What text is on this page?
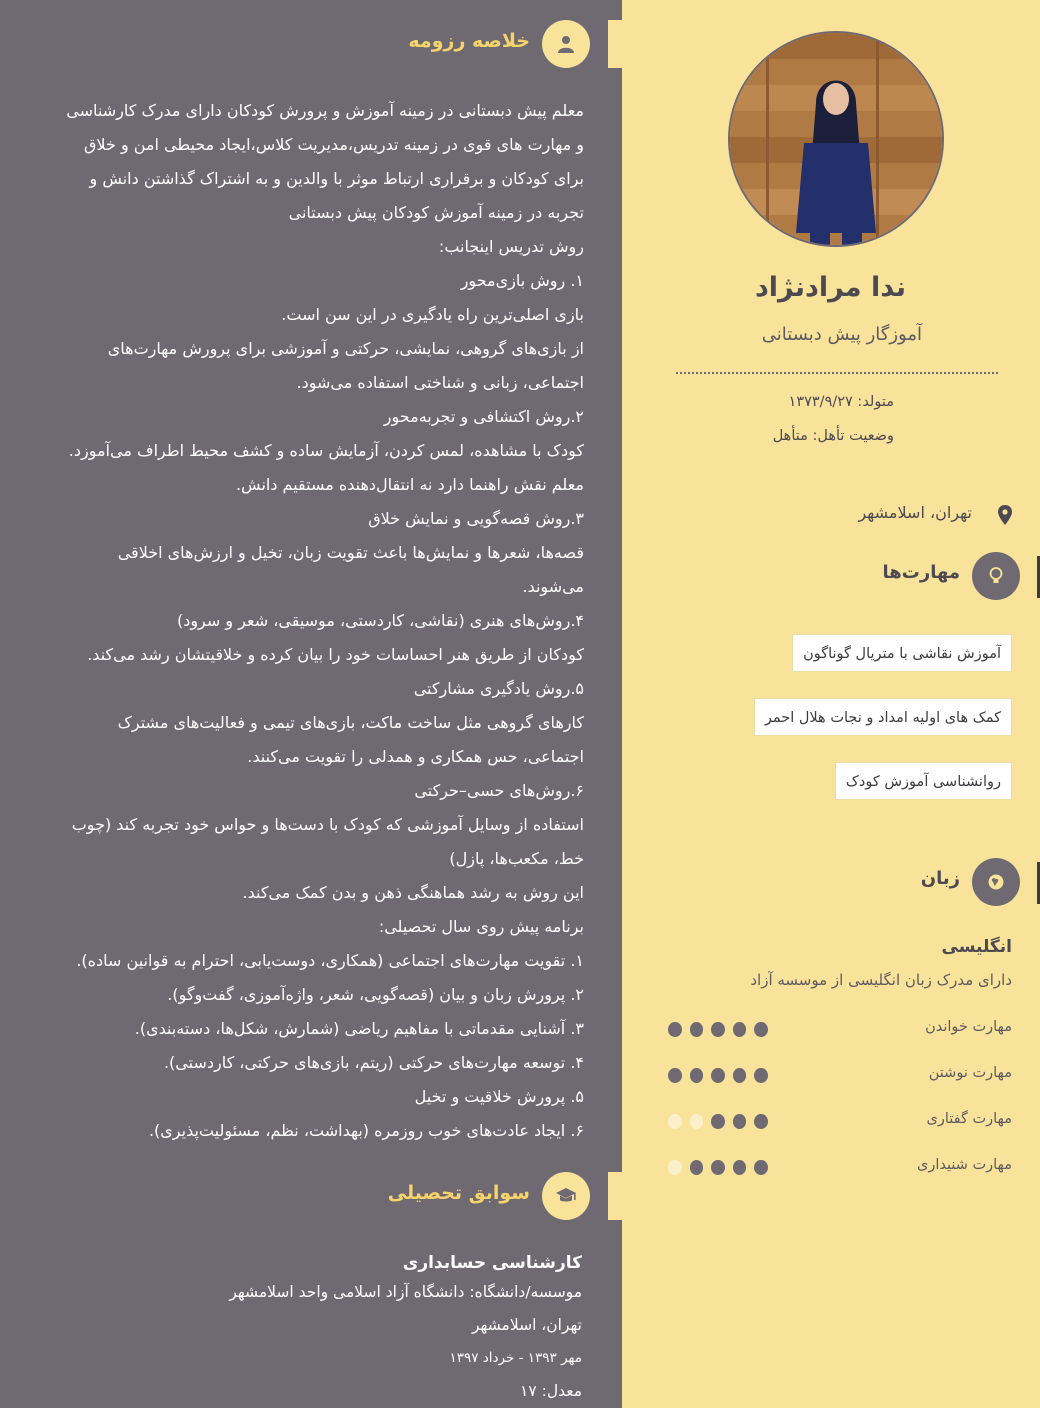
خلاصه رزومه

معلم پیش دبستانی در زمینه آموزش و پرورش کودکان دارای مدرک کارشناسی

و مهارت های قوی در زمینه تدریس،مدیریت کلاس،ایجاد محیطی امن و خلاق

برای کودکان و برقراری ارتباط موثر با والدین و به اشتراک گذاشتن دانش و

تجربه در زمینه آموزش کودکان پیش دبستانی

روش تدریس اینجانب:

۱. روش بازی‌محور

بازی اصلی‌ترین راه یادگیری در این سن است.

از بازی‌های گروهی، نمایشی، حرکتی و آموزشی برای پرورش مهارت‌های

اجتماعی، زبانی و شناختی استفاده می‌شود.

۲.روش اکتشافی و تجربه‌محور

کودک با مشاهده، لمس کردن، آزمایش ساده و کشف محیط اطراف می‌آموزد.

معلم نقش راهنما دارد نه انتقال‌دهنده مستقیم دانش.

۳.روش قصه‌گویی و نمایش خلاق

قصه‌ها، شعرها و نمایش‌ها باعث تقویت زبان، تخیل و ارزش‌های اخلاقی

می‌شوند.

۴.روش‌های هنری (نقاشی، کاردستی، موسیقی، شعر و سرود)

کودکان از طریق هنر احساسات خود را بیان کرده و خلاقیتشان رشد می‌کند.

۵.روش یادگیری مشارکتی

کارهای گروهی مثل ساخت ماکت، بازی‌های تیمی و فعالیت‌های مشترک

اجتماعی، حس همکاری و همدلی را تقویت می‌کنند.

۶.روش‌های حسی–حرکتی

استفاده از وسایل آموزشی که کودک با دست‌ها و حواس خود تجربه کند (چوب

خط، مکعب‌ها، پازل)

این روش به رشد هماهنگی ذهن و بدن کمک می‌کند.

برنامه پیش روی سال تحصیلی:

۱. تقویت مهارت‌های اجتماعی (همکاری، دوست‌یابی، احترام به قوانین ساده).

۲. پرورش زبان و بیان (قصه‌گویی، شعر، واژه‌آموزی، گفت‌وگو).

۳. آشنایی مقدماتی با مفاهیم ریاضی (شمارش، شکل‌ها، دسته‌بندی).

۴. توسعه مهارت‌های حرکتی (ریتم، بازی‌های حرکتی، کاردستی).

۵. پرورش خلاقیت و تخیل

۶. ایجاد عادت‌های خوب روزمره (بهداشت، نظم، مسئولیت‌پذیری).

سوابق تحصیلی
کارشناسی حسابداری
موسسه/دانشگاه: دانشگاه آزاد اسلامی واحد اسلامشهر
تهران، اسلامشهر
مهر ۱۳۹۳ - خرداد ۱۳۹۷
معدل: ۱۷
ندا مرادنژاد
آموزگار پیش دبستانی
متولد: ۱۳۷۳/۹/۲۷
وضعیت تأهل: متأهل
تهران، اسلامشهر
مهارت‌ها
آموزش نقاشی با متریال گوناگون
کمک های اولیه امداد و نجات هلال احمر
روانشناسی آموزش کودک
زبان
انگلیسی
دارای مدرک زبان انگلیسی از موسسه آزاد
مهارت خواندن
مهارت نوشتن
مهارت گفتاری
مهارت شنیداری
